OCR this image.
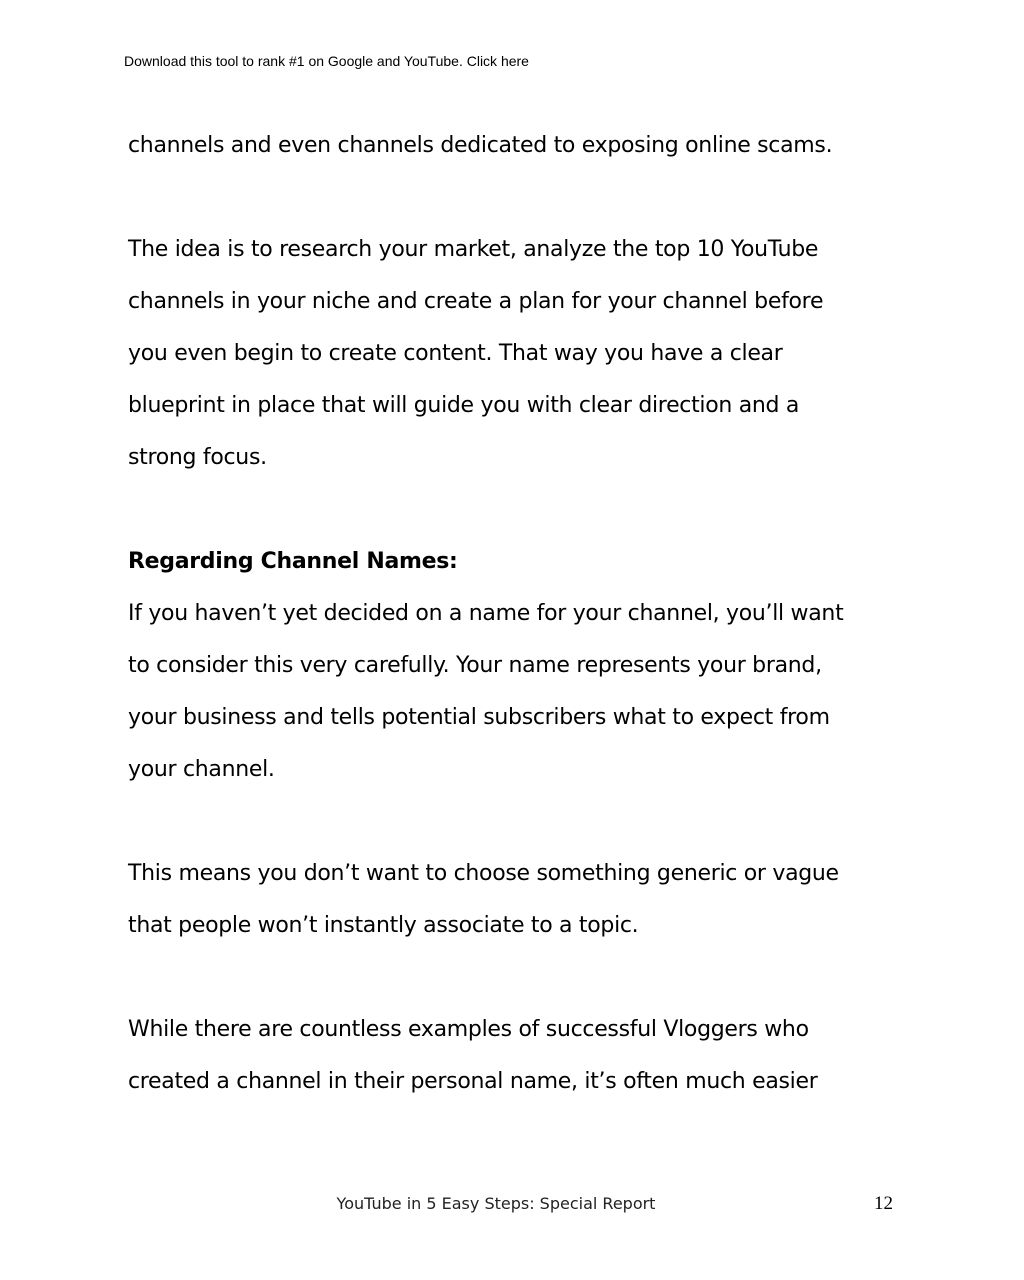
Download this tool to rank #1 on Google and YouTube. Click here
channels and even channels dedicated to exposing online scams.
The idea is to research your market, analyze the top 10 YouTube
channels in your niche and create a plan for your channel before
you even begin to create content. That way you have a clear
blueprint in place that will guide you with clear direction and a
strong focus.
Regarding Channel Names:
If you haven’t yet decided on a name for your channel, you’ll want
to consider this very carefully. Your name represents your brand,
your business and tells potential subscribers what to expect from
your channel.
This means you don’t want to choose something generic or vague
that people won’t instantly associate to a topic.
While there are countless examples of successful Vloggers who
created a channel in their personal name, it’s often much easier
YouTube in 5 Easy Steps: Special Report	12
